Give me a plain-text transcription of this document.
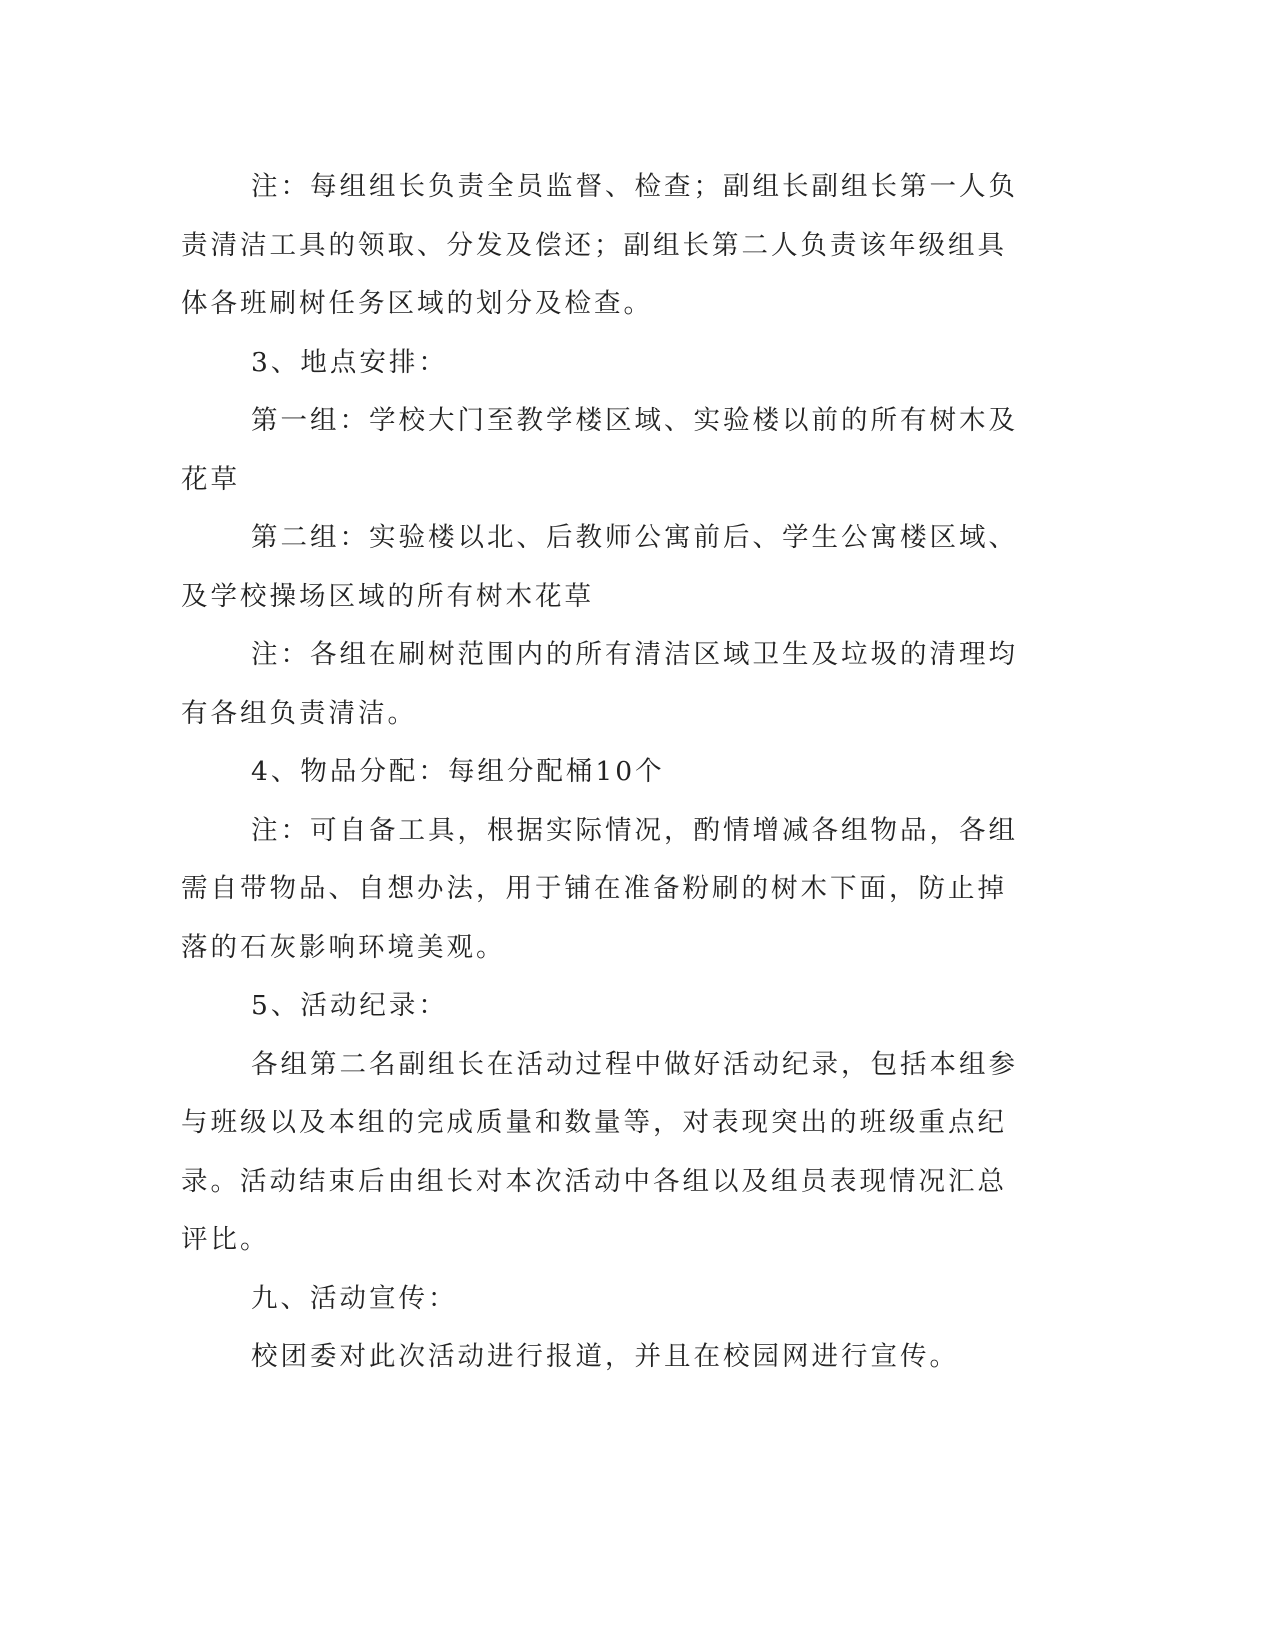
注：每组组长负责全员监督、检查；副组长副组长第一人负责清洁工具的领取、分发及偿还；副组长第二人负责该年级组具体各班刷树任务区域的划分及检查。

3、地点安排：

第一组：学校大门至教学楼区域、实验楼以前的所有树木及花草

第二组：实验楼以北、后教师公寓前后、学生公寓楼区域、及学校操场区域的所有树木花草

注：各组在刷树范围内的所有清洁区域卫生及垃圾的清理均有各组负责清洁。

4、物品分配：每组分配桶10个

注：可自备工具，根据实际情况，酌情增减各组物品，各组需自带物品、自想办法，用于铺在准备粉刷的树木下面，防止掉落的石灰影响环境美观。

5、活动纪录：

各组第二名副组长在活动过程中做好活动纪录，包括本组参与班级以及本组的完成质量和数量等，对表现突出的班级重点纪录。活动结束后由组长对本次活动中各组以及组员表现情况汇总评比。

九、活动宣传：

校团委对此次活动进行报道，并且在校园网进行宣传。
